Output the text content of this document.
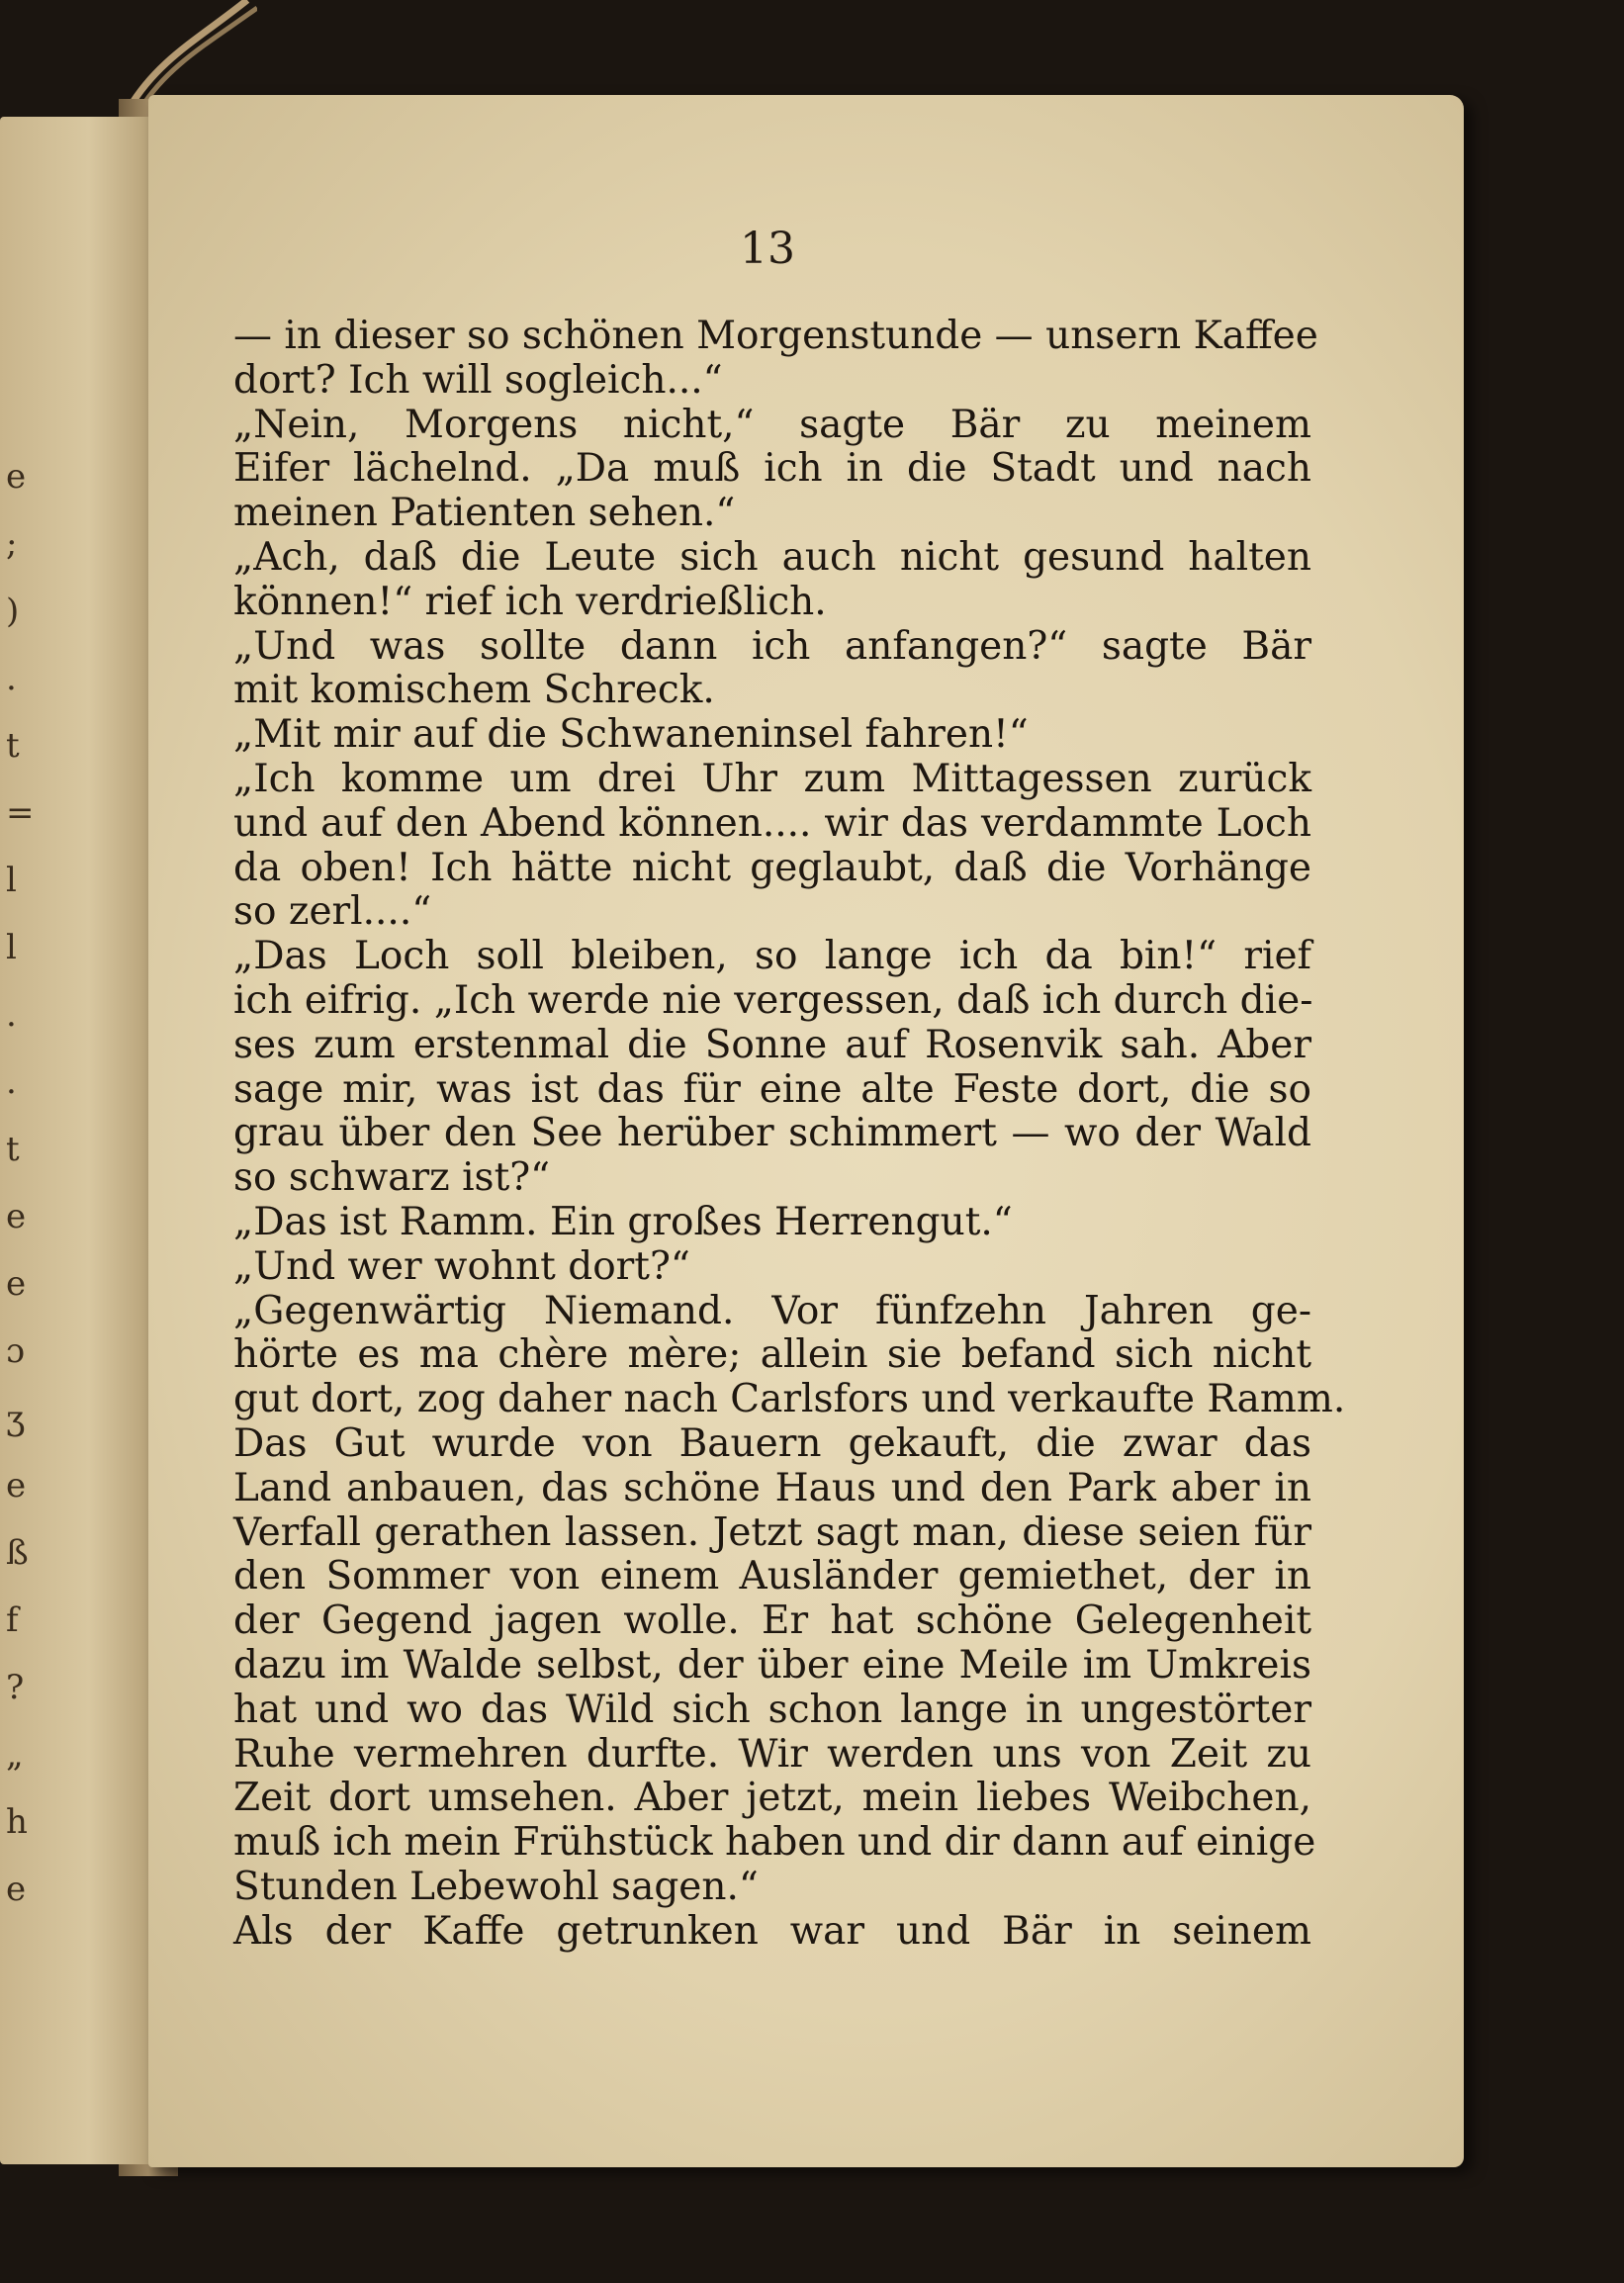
e
;
)
.
t
=
l
l
.
.
t
e
e
ɔ
ʒ
e
ß
f
?
„
h
e
13
— in dieser so schönen Morgenstunde — unsern Kaffee
dort? Ich will sogleich...“
„Nein, Morgens nicht,“ sagte Bär zu meinem
Eifer lächelnd. „Da muß ich in die Stadt und nach
meinen Patienten sehen.“
„Ach, daß die Leute sich auch nicht gesund halten
können!“ rief ich verdrießlich.
„Und was sollte dann ich anfangen?“ sagte Bär
mit komischem Schreck.
„Mit mir auf die Schwaneninsel fahren!“
„Ich komme um drei Uhr zum Mittagessen zurück
und auf den Abend können.... wir das verdammte Loch
da oben! Ich hätte nicht geglaubt, daß die Vorhänge
so zerl....“
„Das Loch soll bleiben, so lange ich da bin!“ rief
ich eifrig. „Ich werde nie vergessen, daß ich durch die-
ses zum erstenmal die Sonne auf Rosenvik sah. Aber
sage mir, was ist das für eine alte Feste dort, die so
grau über den See herüber schimmert — wo der Wald
so schwarz ist?“
„Das ist Ramm. Ein großes Herrengut.“
„Und wer wohnt dort?“
„Gegenwärtig Niemand. Vor fünfzehn Jahren ge-
hörte es ma chère mère; allein sie befand sich nicht
gut dort, zog daher nach Carlsfors und verkaufte Ramm.
Das Gut wurde von Bauern gekauft, die zwar das
Land anbauen, das schöne Haus und den Park aber in
Verfall gerathen lassen. Jetzt sagt man, diese seien für
den Sommer von einem Ausländer gemiethet, der in
der Gegend jagen wolle. Er hat schöne Gelegenheit
dazu im Walde selbst, der über eine Meile im Umkreis
hat und wo das Wild sich schon lange in ungestörter
Ruhe vermehren durfte. Wir werden uns von Zeit zu
Zeit dort umsehen. Aber jetzt, mein liebes Weibchen,
muß ich mein Frühstück haben und dir dann auf einige
Stunden Lebewohl sagen.“
Als der Kaffe getrunken war und Bär in seinem
